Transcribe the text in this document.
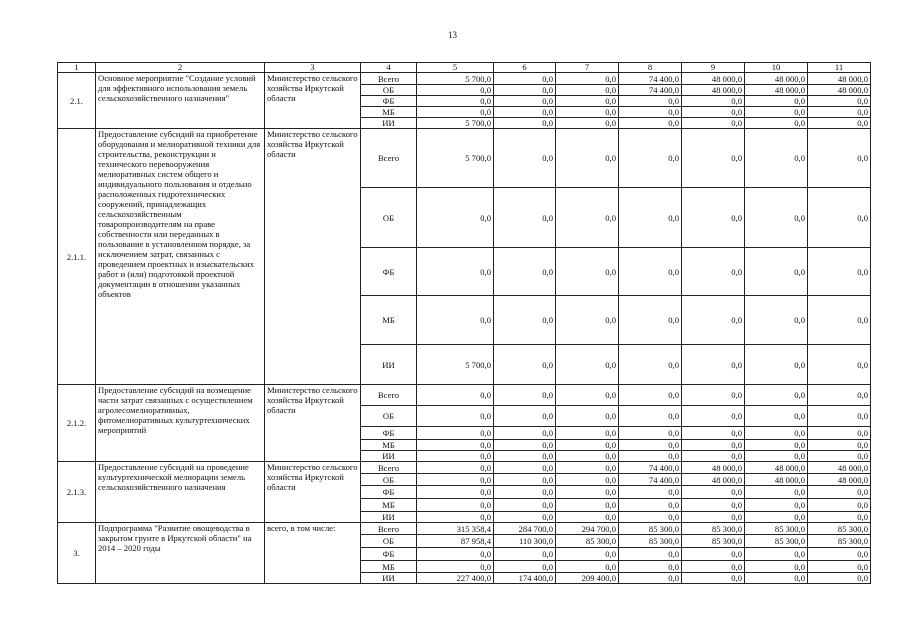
13
1	2	3	4	5	6	7	8	9	10	11
2.1.	Основное мероприятие "Создание условий для эффективного использования земель сельскохозяйственного назначения"	Министерство сельского хозяйства Иркутской области	Всего	5 700,0	0,0	0,0	74 400,0	48 000,0	48 000,0	48 000,0
			ОБ	0,0	0,0	0,0	74 400,0	48 000,0	48 000,0	48 000,0
			ФБ	0,0	0,0	0,0	0,0	0,0	0,0	0,0
			МБ	0,0	0,0	0,0	0,0	0,0	0,0	0,0
			ИИ	5 700,0	0,0	0,0	0,0	0,0	0,0	0,0
2.1.1.	Предоставление субсидий на приобретение оборудования и мелиоративной техники для строительства, реконструкции и технического перевооружения мелиоративных систем общего и индивидуального пользования и отдельно расположенных гидротехнических сооружений, принадлежащих сельскохозяйственным товаропроизводителям на праве собственности или переданных в пользование в установленном порядке, за исключением затрат, связанных с проведением проектных и изыскательских работ и (или) подготовкой проектной документации в отношении указанных объектов	Министерство сельского хозяйства Иркутской области	Всего	5 700,0	0,0	0,0	0,0	0,0	0,0	0,0
			ОБ	0,0	0,0	0,0	0,0	0,0	0,0	0,0
			ФБ	0,0	0,0	0,0	0,0	0,0	0,0	0,0
			МБ	0,0	0,0	0,0	0,0	0,0	0,0	0,0
			ИИ	5 700,0	0,0	0,0	0,0	0,0	0,0	0,0
2.1.2.	Предоставление субсидий на возмещение части затрат связанных с осуществлением агролесомелиоративных, фитомелиоративных культуртехнических мероприятий	Министерство сельского хозяйства Иркутской области	Всего	0,0	0,0	0,0	0,0	0,0	0,0	0,0
			ОБ	0,0	0,0	0,0	0,0	0,0	0,0	0,0
			ФБ	0,0	0,0	0,0	0,0	0,0	0,0	0,0
			МБ	0,0	0,0	0,0	0,0	0,0	0,0	0,0
			ИИ	0,0	0,0	0,0	0,0	0,0	0,0	0,0
2.1.3.	Предоставление субсидий на проведение культуртехнической мелиорации земель сельскохозяйственного назначения	Министерство сельского хозяйства Иркутской области	Всего	0,0	0,0	0,0	74 400,0	48 000,0	48 000,0	48 000,0
			ОБ	0,0	0,0	0,0	74 400,0	48 000,0	48 000,0	48 000,0
			ФБ	0,0	0,0	0,0	0,0	0,0	0,0	0,0
			МБ	0,0	0,0	0,0	0,0	0,0	0,0	0,0
			ИИ	0,0	0,0	0,0	0,0	0,0	0,0	0,0
3.	Подпрограмма "Развитие овощеводства в закрытом грунте в Иркутской области" на 2014 – 2020 годы	всего, в том числе:	Всего	315 358,4	284 700,0	294 700,0	85 300,0	85 300,0	85 300,0	85 300,0
			ОБ	87 958,4	110 300,0	85 300,0	85 300,0	85 300,0	85 300,0	85 300,0
			ФБ	0,0	0,0	0,0	0,0	0,0	0,0	0,0
			МБ	0,0	0,0	0,0	0,0	0,0	0,0	0,0
			ИИ	227 400,0	174 400,0	209 400,0	0,0	0,0	0,0	0,0
